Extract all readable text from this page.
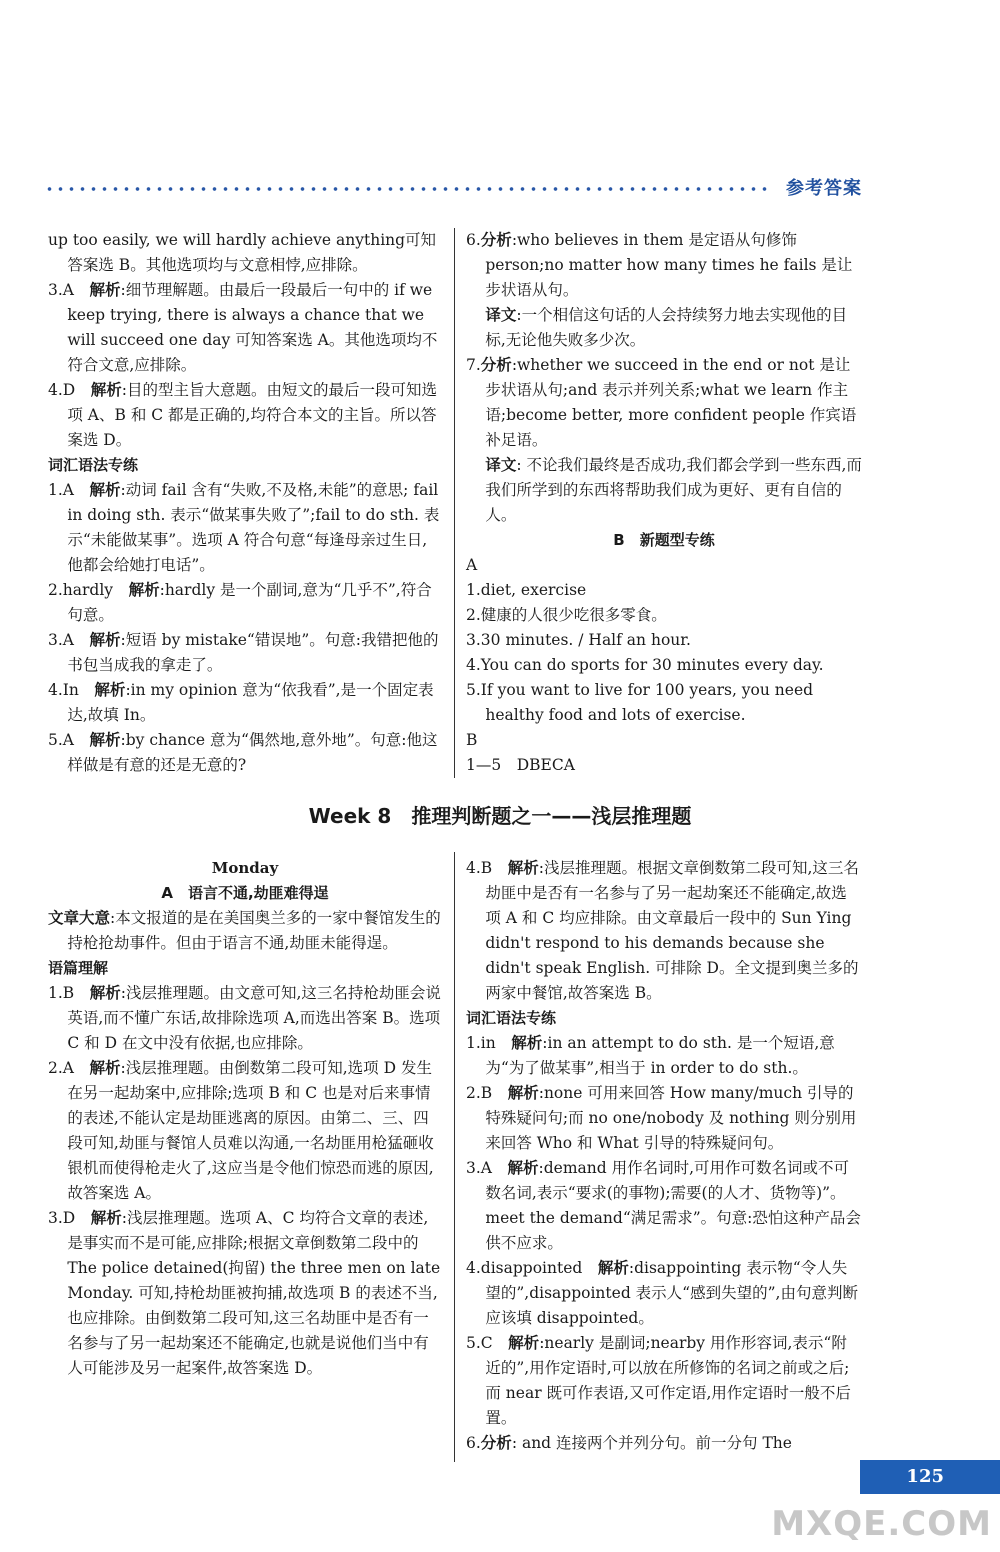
参考答案

up too easily, we will hardly achieve anything可知答案选 B。其他选项均与文意相悖,应排除。

3.A　 解析:细节理解题。由最后一段最后一句中的 if we keep trying, there is always a chance that we will succeed one day 可知答案选 A。其他选项均不符合文意,应排除。

4.D　 解析:目的型主旨大意题。由短文的最后一段可知选项 A、B 和 C 都是正确的,均符合本文的主旨。所以答案选 D。

词汇语法专练

1.A　 解析:动词 fail 含有“失败,不及格,未能”的意思; fail in doing sth. 表示“做某事失败了”;fail to do sth. 表示“未能做某事”。选项 A 符合句意“每逢母亲过生日,他都会给她打电话”。

2.hardly　 解析:hardly 是一个副词,意为“几乎不”,符合句意。

3.A　 解析:短语 by mistake“错误地”。句意:我错把他的书包当成我的拿走了。

4.In　 解析:in my opinion 意为“依我看”,是一个固定表达,故填 In。

5.A　 解析:by chance 意为“偶然地,意外地”。句意:他这样做是有意的还是无意的?

6.分析:who believes in them 是定语从句修饰 person;no matter how many times he fails 是让步状语从句。

译文:一个相信这句话的人会持续努力地去实现他的目标,无论他失败多少次。

7.分析:whether we succeed in the end or not 是让步状语从句;and 表示并列关系;what we learn 作主语;become better, more confident people 作宾语补足语。

译文: 不论我们最终是否成功,我们都会学到一些东西,而我们所学到的东西将帮助我们成为更好、更有自信的人。

B　新题型专练

A

1.diet, exercise

2.健康的人很少吃很多零食。

3.30 minutes. / Half an hour.

4.You can do sports for 30 minutes every day.

5.If you want to live for 100 years, you need healthy food and lots of exercise.

B

1—5　DBECA

Week 8　推理判断题之一——浅层推理题

Monday

A　语言不通,劫匪难得逞

文章大意:本文报道的是在美国奥兰多的一家中餐馆发生的持枪抢劫事件。但由于语言不通,劫匪未能得逞。

语篇理解

1.B　 解析:浅层推理题。由文意可知,这三名持枪劫匪会说英语,而不懂广东话,故排除选项 A,而选出答案 B。选项 C 和 D 在文中没有依据,也应排除。

2.A　 解析:浅层推理题。由倒数第二段可知,选项 D 发生在另一起劫案中,应排除;选项 B 和 C 也是对后来事情的表述,不能认定是劫匪逃离的原因。由第二、三、四段可知,劫匪与餐馆人员难以沟通,一名劫匪用枪猛砸收银机而使得枪走火了,这应当是令他们惊恐而逃的原因,故答案选 A。

3.D　 解析:浅层推理题。选项 A、C 均符合文章的表述,是事实而不是可能,应排除;根据文章倒数第二段中的 The police detained(拘留) the three men on late Monday. 可知,持枪劫匪被拘捕,故选项 B 的表述不当,也应排除。由倒数第二段可知,这三名劫匪中是否有一名参与了另一起劫案还不能确定,也就是说他们当中有人可能涉及另一起案件,故答案选 D。

4.B　 解析:浅层推理题。根据文章倒数第二段可知,这三名劫匪中是否有一名参与了另一起劫案还不能确定,故选项 A 和 C 均应排除。由文章最后一段中的 Sun Ying didn't respond to his demands because she didn't speak English. 可排除 D。全文提到奥兰多的两家中餐馆,故答案选 B。

词汇语法专练

1.in　 解析:in an attempt to do sth. 是一个短语,意为“为了做某事”,相当于 in order to do sth.。

2.B　 解析:none 可用来回答 How many/much 引导的特殊疑问句;而 no one/nobody 及 nothing 则分别用来回答 Who 和 What 引导的特殊疑问句。

3.A　 解析:demand 用作名词时,可用作可数名词或不可数名词,表示“要求(的事物);需要(的人才、货物等)”。meet the demand“满足需求”。句意:恐怕这种产品会供不应求。

4.disappointed　 解析:disappointing 表示物“令人失望的”,disappointed 表示人“感到失望的”,由句意判断应该填 disappointed。

5.C　 解析:nearly 是副词;nearby 用作形容词,表示“附近的”,用作定语时,可以放在所修饰的名词之前或之后;而 near 既可作表语,又可作定语,用作定语时一般不后置。

6.分析: and 连接两个并列分句。前一分句 The

125
MXQE.COM
